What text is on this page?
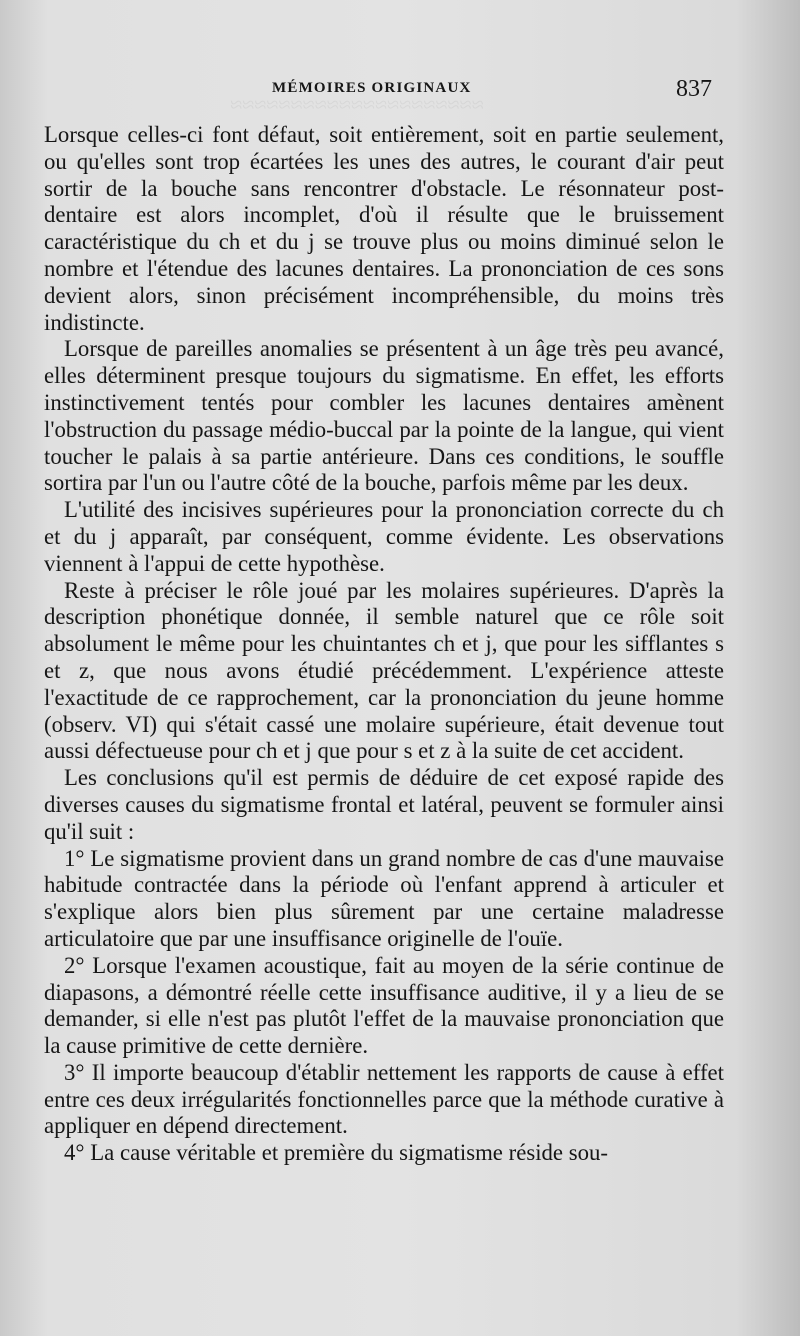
MÉMOIRES ORIGINAUX	837
≈≈≈≈≈≈≈≈≈≈≈≈≈≈≈≈≈≈≈≈≈

Lorsque celles-ci font défaut, soit entièrement, soit en partie seulement, ou qu'elles sont trop écartées les unes des autres, le courant d'air peut sortir de la bouche sans rencontrer d'obstacle. Le résonnateur post-dentaire est alors incomplet, d'où il résulte que le bruissement caractéristique du ch et du j se trouve plus ou moins diminué selon le nombre et l'étendue des lacunes dentaires. La prononciation de ces sons devient alors, sinon précisément incompréhensible, du moins très indistincte.

Lorsque de pareilles anomalies se présentent à un âge très peu avancé, elles déterminent presque toujours du sigmatisme. En effet, les efforts instinctivement tentés pour combler les lacunes dentaires amènent l'obstruction du passage médio-buccal par la pointe de la langue, qui vient toucher le palais à sa partie antérieure. Dans ces conditions, le souffle sortira par l'un ou l'autre côté de la bouche, parfois même par les deux.

L'utilité des incisives supérieures pour la prononciation correcte du ch et du j apparaît, par conséquent, comme évidente. Les observations viennent à l'appui de cette hypothèse.

Reste à préciser le rôle joué par les molaires supérieures. D'après la description phonétique donnée, il semble naturel que ce rôle soit absolument le même pour les chuintantes ch et j, que pour les sifflantes s et z, que nous avons étudié précédemment. L'expérience atteste l'exactitude de ce rapprochement, car la prononciation du jeune homme (observ. VI) qui s'était cassé une molaire supérieure, était devenue tout aussi défectueuse pour ch et j que pour s et z à la suite de cet accident.

Les conclusions qu'il est permis de déduire de cet exposé rapide des diverses causes du sigmatisme frontal et latéral, peuvent se formuler ainsi qu'il suit :

1° Le sigmatisme provient dans un grand nombre de cas d'une mauvaise habitude contractée dans la période où l'enfant apprend à articuler et s'explique alors bien plus sûrement par une certaine maladresse articulatoire que par une insuffisance originelle de l'ouïe.

2° Lorsque l'examen acoustique, fait au moyen de la série continue de diapasons, a démontré réelle cette insuffisance auditive, il y a lieu de se demander, si elle n'est pas plutôt l'effet de la mauvaise prononciation que la cause primitive de cette dernière.

3° Il importe beaucoup d'établir nettement les rapports de cause à effet entre ces deux irrégularités fonctionnelles parce que la méthode curative à appliquer en dépend directement.

4° La cause véritable et première du sigmatisme réside sou-
